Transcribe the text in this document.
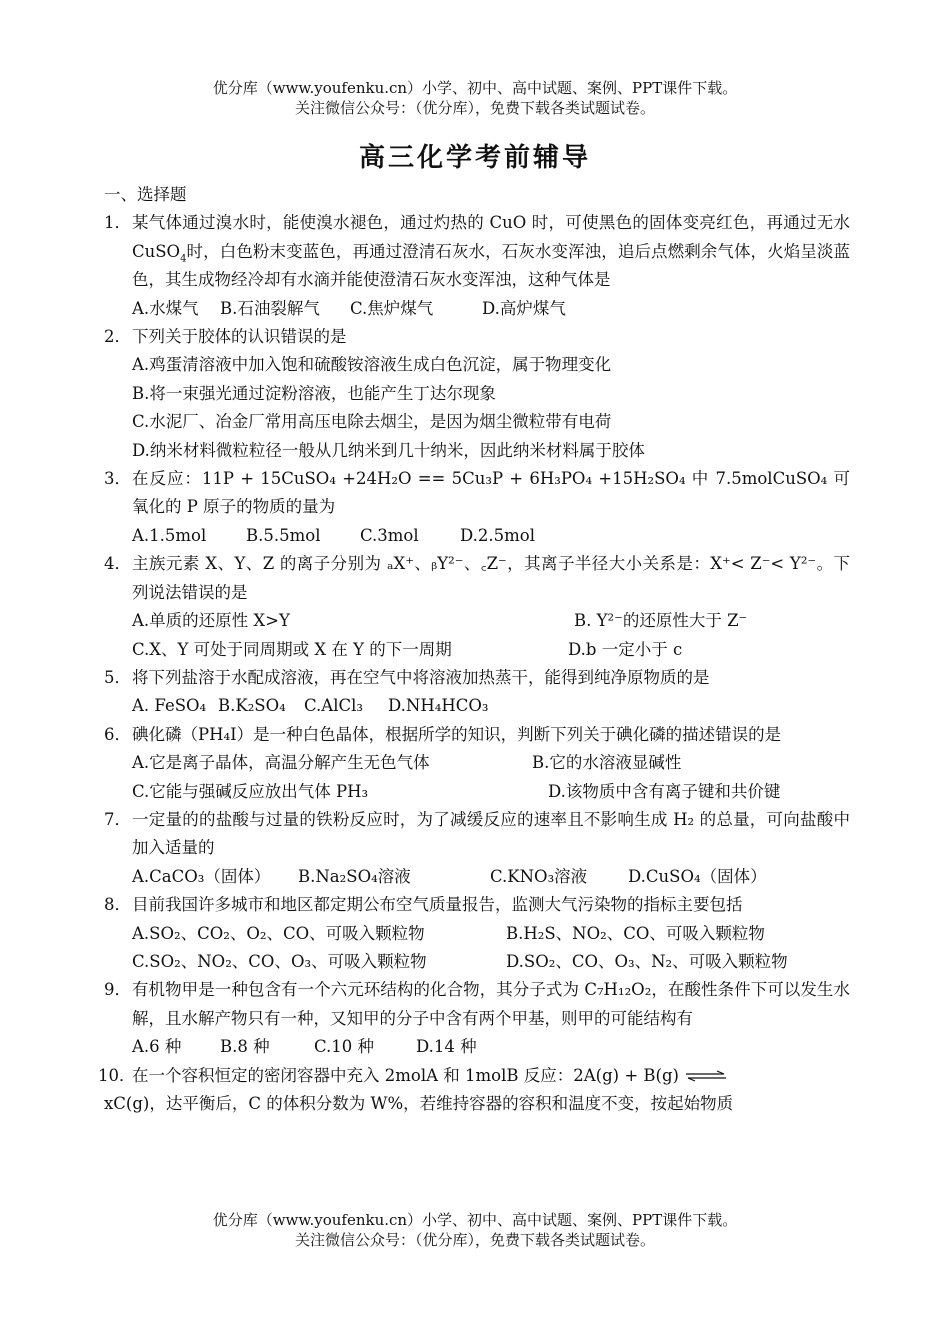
优分库（www.youfenku.cn）小学、初中、高中试题、案例、PPT课件下载。
关注微信公众号：（优分库），免费下载各类试题试卷。
高三化学考前辅导
一、选择题
1． 某气体通过溴水时，能使溴水褪色，通过灼热的 CuO 时，可使黑色的固体变亮红色，再通过无水 CuSO$_4$时，白色粉末变蓝色，再通过澄清石灰水，石灰水变浑浊，追后点燃剩余气体，火焰呈淡蓝色，其生成物经冷却有水滴并能使澄清石灰水变浑浊，这种气体是
A.水煤气	B.石油裂解气	C.焦炉煤气	D.高炉煤气
2． 下列关于胶体的认识错误的是
A.鸡蛋清溶液中加入饱和硫酸铵溶液生成白色沉淀，属于物理变化
B.将一束强光通过淀粉溶液，也能产生丁达尔现象
C.水泥厂、冶金厂常用高压电除去烟尘，是因为烟尘微粒带有电荷
D.纳米材料微粒粒径一般从几纳米到几十纳米，因此纳米材料属于胶体
3． 在反应：11P + 15CuSO₄ +24H₂O == 5Cu₃P + 6H₃PO₄ +15H₂SO₄ 中 7.5molCuSO₄ 可氧化的 P 原子的物质的量为
A.1.5mol	B.5.5mol	C.3mol	D.2.5mol
4． 主族元素 X、Y、Z 的离子分别为 ₐX⁺、ᵦY²⁻、꜀Z⁻，其离子半径大小关系是：X⁺< Z⁻< Y²⁻。下列说法错误的是
A.单质的还原性 X>Y	B. Y²⁻的还原性大于 Z⁻
C.X、Y 可处于同周期或 X 在 Y 的下一周期	D.b 一定小于 c
5． 将下列盐溶于水配成溶液，再在空气中将溶液加热蒸干，能得到纯净原物质的是
A. FeSO₄ B.K₂SO₄	C.AlCl₃	D.NH₄HCO₃
6． 碘化磷（PH₄I）是一种白色晶体，根据所学的知识，判断下列关于碘化磷的描述错误的是
A.它是离子晶体，高温分解产生无色气体	B.它的水溶液显碱性
C.它能与强碱反应放出气体 PH₃	D.该物质中含有离子键和共价键
7． 一定量的的盐酸与过量的铁粉反应时，为了减缓反应的速率且不影响生成 H₂ 的总量，可向盐酸中加入适量的
A.CaCO₃（固体）	B.Na₂SO₄溶液	C.KNO₃溶液	D.CuSO₄（固体）
8． 目前我国许多城市和地区都定期公布空气质量报告，监测大气污染物的指标主要包括
A.SO₂、CO₂、O₂、CO、可吸入颗粒物	B.H₂S、NO₂、CO、可吸入颗粒物
C.SO₂、NO₂、CO、O₃、可吸入颗粒物	D.SO₂、CO、O₃、N₂、可吸入颗粒物
9． 有机物甲是一种包含有一个六元环结构的化合物，其分子式为 C₇H₁₂O₂，在酸性条件下可以发生水解，且水解产物只有一种，又知甲的分子中含有两个甲基，则甲的可能结构有
A.6 种	B.8 种	C.10 种	D.14 种
10．
在一个容积恒定的密闭容器中充入 2molA 和 1molB 反应：2A(g) + B(g) ⇌
xC(g)，达平衡后，C 的体积分数为 W%，若维持容器的容积和温度不变，按起始物质
优分库（www.youfenku.cn）小学、初中、高中试题、案例、PPT课件下载。
关注微信公众号：（优分库），免费下载各类试题试卷。
